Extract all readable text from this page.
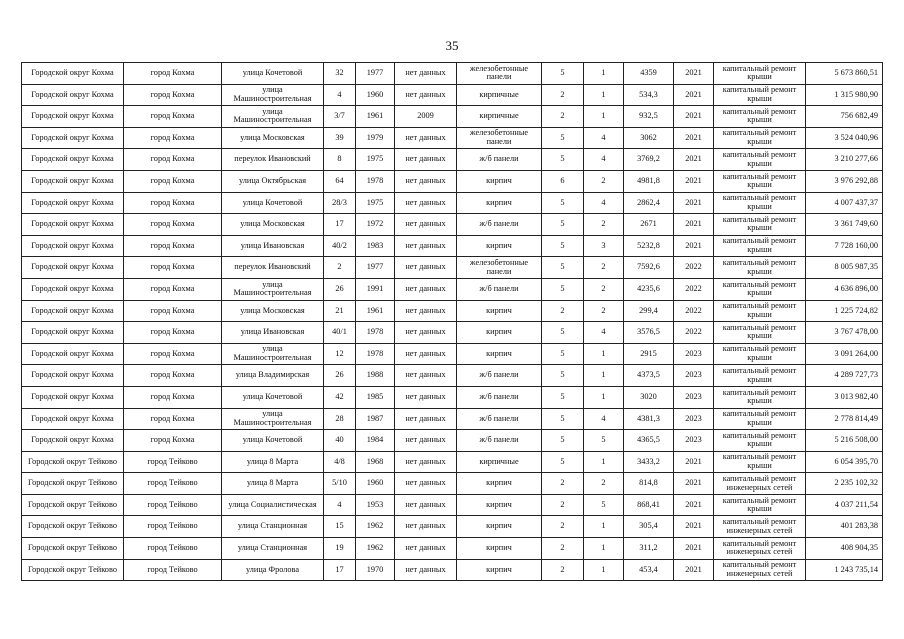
35
Городской округ Кохма	город Кохма	улица Кочетовой	32	1977	нет данных	железобетонные панели	5	1	4359	2021	капитальный ремонт крыши	5 673 860,51
Городской округ Кохма	город Кохма	улица Машиностроительная	4	1960	нет данных	кирпичные	2	1	534,3	2021	капитальный ремонт крыши	1 315 980,90
Городской округ Кохма	город Кохма	улица Машиностроительная	3/7	1961	2009	кирпичные	2	1	932,5	2021	капитальный ремонт крыши	756 682,49
Городской округ Кохма	город Кохма	улица Московская	39	1979	нет данных	железобетонные панели	5	4	3062	2021	капитальный ремонт крыши	3 524 040,96
Городской округ Кохма	город Кохма	переулок Ивановский	8	1975	нет данных	ж/б панели	5	4	3769,2	2021	капитальный ремонт крыши	3 210 277,66
Городской округ Кохма	город Кохма	улица Октябрьская	64	1978	нет данных	кирпич	6	2	4981,8	2021	капитальный ремонт крыши	3 976 292,88
Городской округ Кохма	город Кохма	улица Кочетовой	28/3	1975	нет данных	кирпич	5	4	2862,4	2021	капитальный ремонт крыши	4 007 437,37
Городской округ Кохма	город Кохма	улица Московская	17	1972	нет данных	ж/б панели	5	2	2671	2021	капитальный ремонт крыши	3 361 749,60
Городской округ Кохма	город Кохма	улица Ивановская	40/2	1983	нет данных	кирпич	5	3	5232,8	2021	капитальный ремонт крыши	7 728 160,00
Городской округ Кохма	город Кохма	переулок Ивановский	2	1977	нет данных	железобетонные панели	5	2	7592,6	2022	капитальный ремонт крыши	8 005 987,35
Городской округ Кохма	город Кохма	улица Машиностроительная	26	1991	нет данных	ж/б панели	5	2	4235,6	2022	капитальный ремонт крыши	4 636 896,00
Городской округ Кохма	город Кохма	улица Московская	21	1961	нет данных	кирпич	2	2	299,4	2022	капитальный ремонт крыши	1 225 724,82
Городской округ Кохма	город Кохма	улица Ивановская	40/1	1978	нет данных	кирпич	5	4	3576,5	2022	капитальный ремонт крыши	3 767 478,00
Городской округ Кохма	город Кохма	улица Машиностроительная	12	1978	нет данных	кирпич	5	1	2915	2023	капитальный ремонт крыши	3 091 264,00
Городской округ Кохма	город Кохма	улица Владимирская	26	1988	нет данных	ж/б панели	5	1	4373,5	2023	капитальный ремонт крыши	4 289 727,73
Городской округ Кохма	город Кохма	улица Кочетовой	42	1985	нет данных	ж/б панели	5	1	3020	2023	капитальный ремонт крыши	3 013 982,40
Городской округ Кохма	город Кохма	улица Машиностроительная	28	1987	нет данных	ж/б панели	5	4	4381,3	2023	капитальный ремонт крыши	2 778 814,49
Городской округ Кохма	город Кохма	улица Кочетовой	40	1984	нет данных	ж/б панели	5	5	4365,5	2023	капитальный ремонт крыши	5 216 508,00
Городской округ Тейково	город Тейково	улица 8 Марта	4/8	1968	нет данных	кирпичные	5	1	3433,2	2021	капитальный ремонт крыши	6 054 395,70
Городской округ Тейково	город Тейково	улица 8 Марта	5/10	1960	нет данных	кирпич	2	2	814,8	2021	капитальный ремонт инженерных сетей	2 235 102,32
Городской округ Тейково	город Тейково	улица Социалистическая	4	1953	нет данных	кирпич	2	5	868,41	2021	капитальный ремонт крыши	4 037 211,54
Городской округ Тейково	город Тейково	улица Станционная	15	1962	нет данных	кирпич	2	1	305,4	2021	капитальный ремонт инженерных сетей	401 283,38
Городской округ Тейково	город Тейково	улица Станционная	19	1962	нет данных	кирпич	2	1	311,2	2021	капитальный ремонт инженерных сетей	408 904,35
Городской округ Тейково	город Тейково	улица Фролова	17	1970	нет данных	кирпич	2	1	453,4	2021	капитальный ремонт инженерных сетей	1 243 735,14
